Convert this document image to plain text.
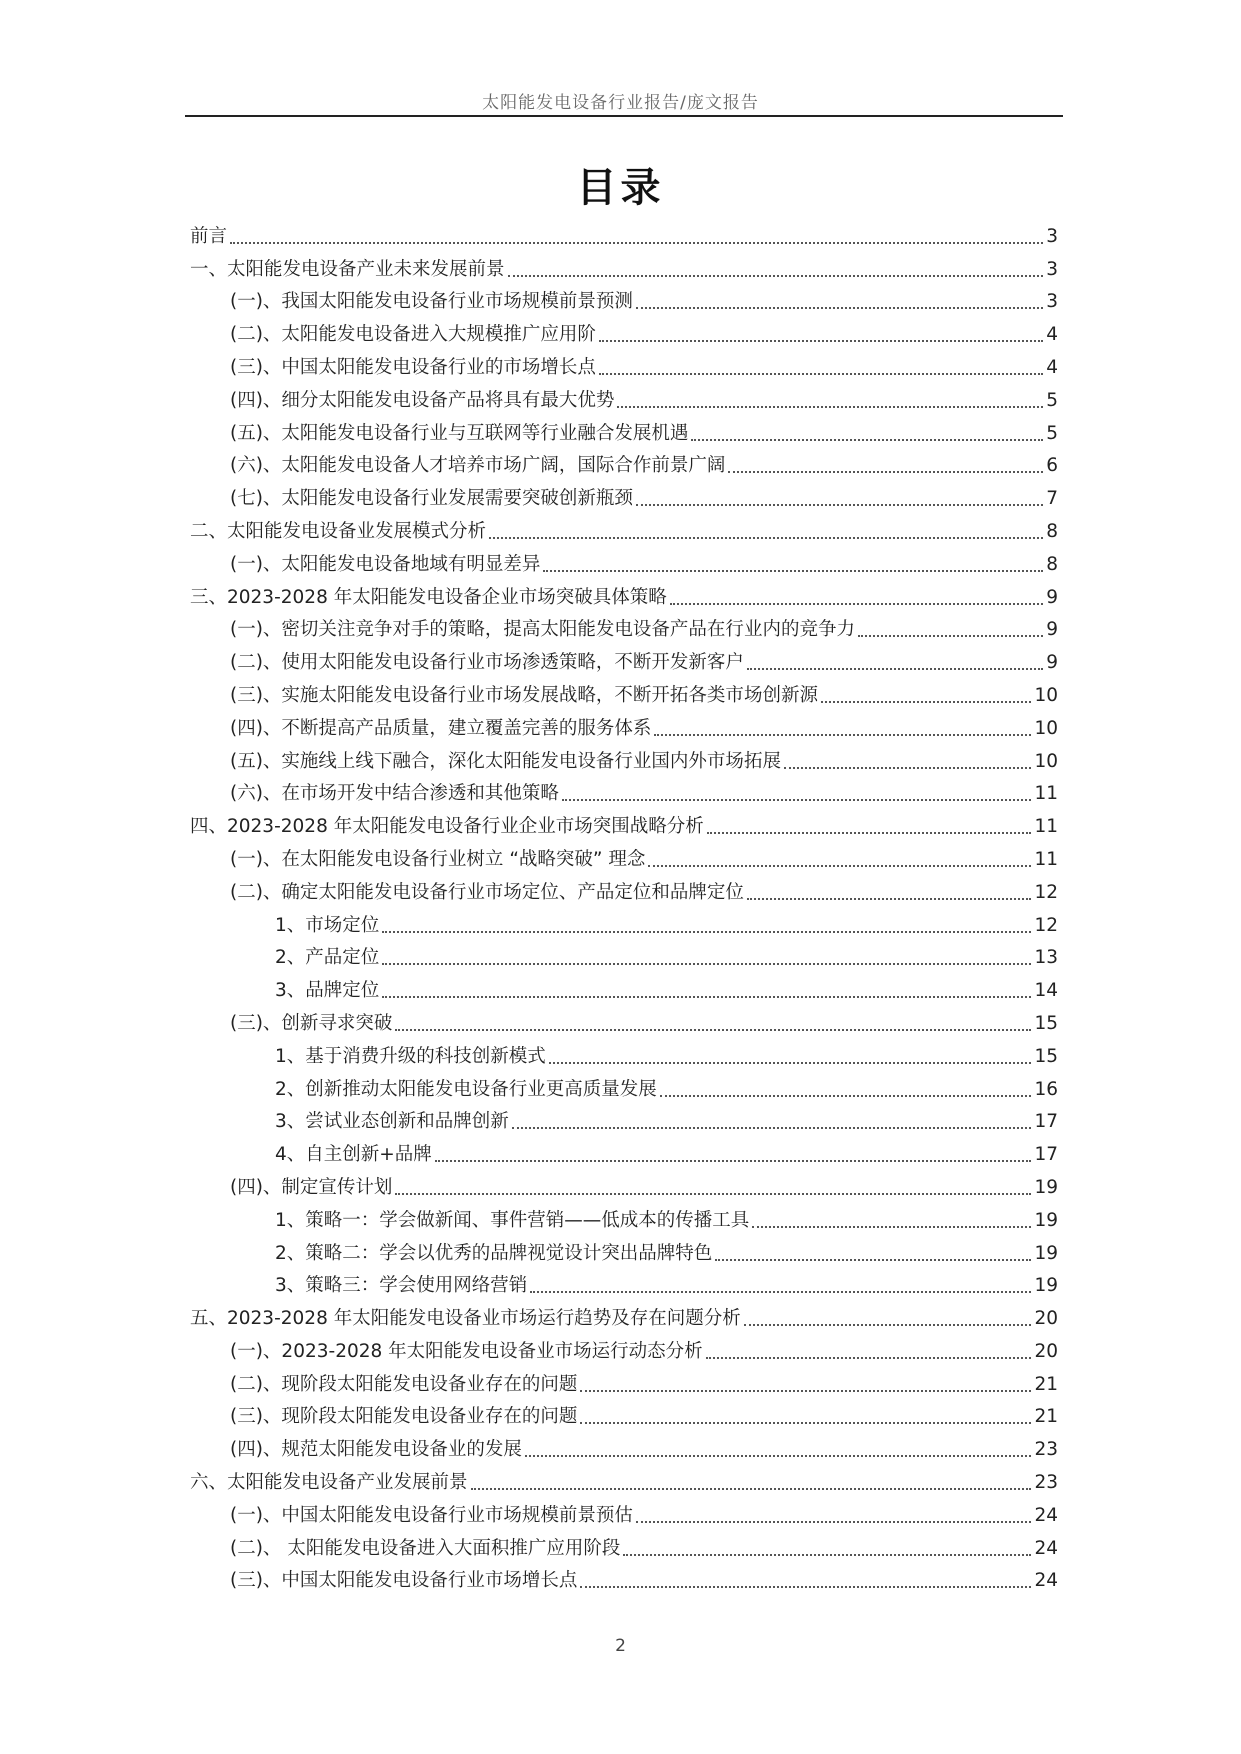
太阳能发电设备行业报告/庞文报告
目录
前言	3
一、太阳能发电设备产业未来发展前景	3
(一)、我国太阳能发电设备行业市场规模前景预测	3
(二)、太阳能发电设备进入大规模推广应用阶	4
(三)、中国太阳能发电设备行业的市场增长点	4
(四)、细分太阳能发电设备产品将具有最大优势	5
(五)、太阳能发电设备行业与互联网等行业融合发展机遇	5
(六)、太阳能发电设备人才培养市场广阔，国际合作前景广阔	6
(七)、太阳能发电设备行业发展需要突破创新瓶颈	7
二、太阳能发电设备业发展模式分析	8
(一)、太阳能发电设备地域有明显差异	8
三、2023-2028 年太阳能发电设备企业市场突破具体策略	9
(一)、密切关注竞争对手的策略，提高太阳能发电设备产品在行业内的竞争力	9
(二)、使用太阳能发电设备行业市场渗透策略，不断开发新客户	9
(三)、实施太阳能发电设备行业市场发展战略，不断开拓各类市场创新源	10
(四)、不断提高产品质量，建立覆盖完善的服务体系	10
(五)、实施线上线下融合，深化太阳能发电设备行业国内外市场拓展	10
(六)、在市场开发中结合渗透和其他策略	11
四、2023-2028 年太阳能发电设备行业企业市场突围战略分析	11
(一)、在太阳能发电设备行业树立 “战略突破” 理念	11
(二)、确定太阳能发电设备行业市场定位、产品定位和品牌定位	12
1、市场定位	12
2、产品定位	13
3、品牌定位	14
(三)、创新寻求突破	15
1、基于消费升级的科技创新模式	15
2、创新推动太阳能发电设备行业更高质量发展	16
3、尝试业态创新和品牌创新	17
4、自主创新+品牌	17
(四)、制定宣传计划	19
1、策略一：学会做新闻、事件营销——低成本的传播工具	19
2、策略二：学会以优秀的品牌视觉设计突出品牌特色	19
3、策略三：学会使用网络营销	19
五、2023-2028 年太阳能发电设备业市场运行趋势及存在问题分析	20
(一)、2023-2028 年太阳能发电设备业市场运行动态分析	20
(二)、现阶段太阳能发电设备业存在的问题	21
(三)、现阶段太阳能发电设备业存在的问题	21
(四)、规范太阳能发电设备业的发展	23
六、太阳能发电设备产业发展前景	23
(一)、中国太阳能发电设备行业市场规模前景预估	24
(二)、 太阳能发电设备进入大面积推广应用阶段	24
(三)、中国太阳能发电设备行业市场增长点	24
2
